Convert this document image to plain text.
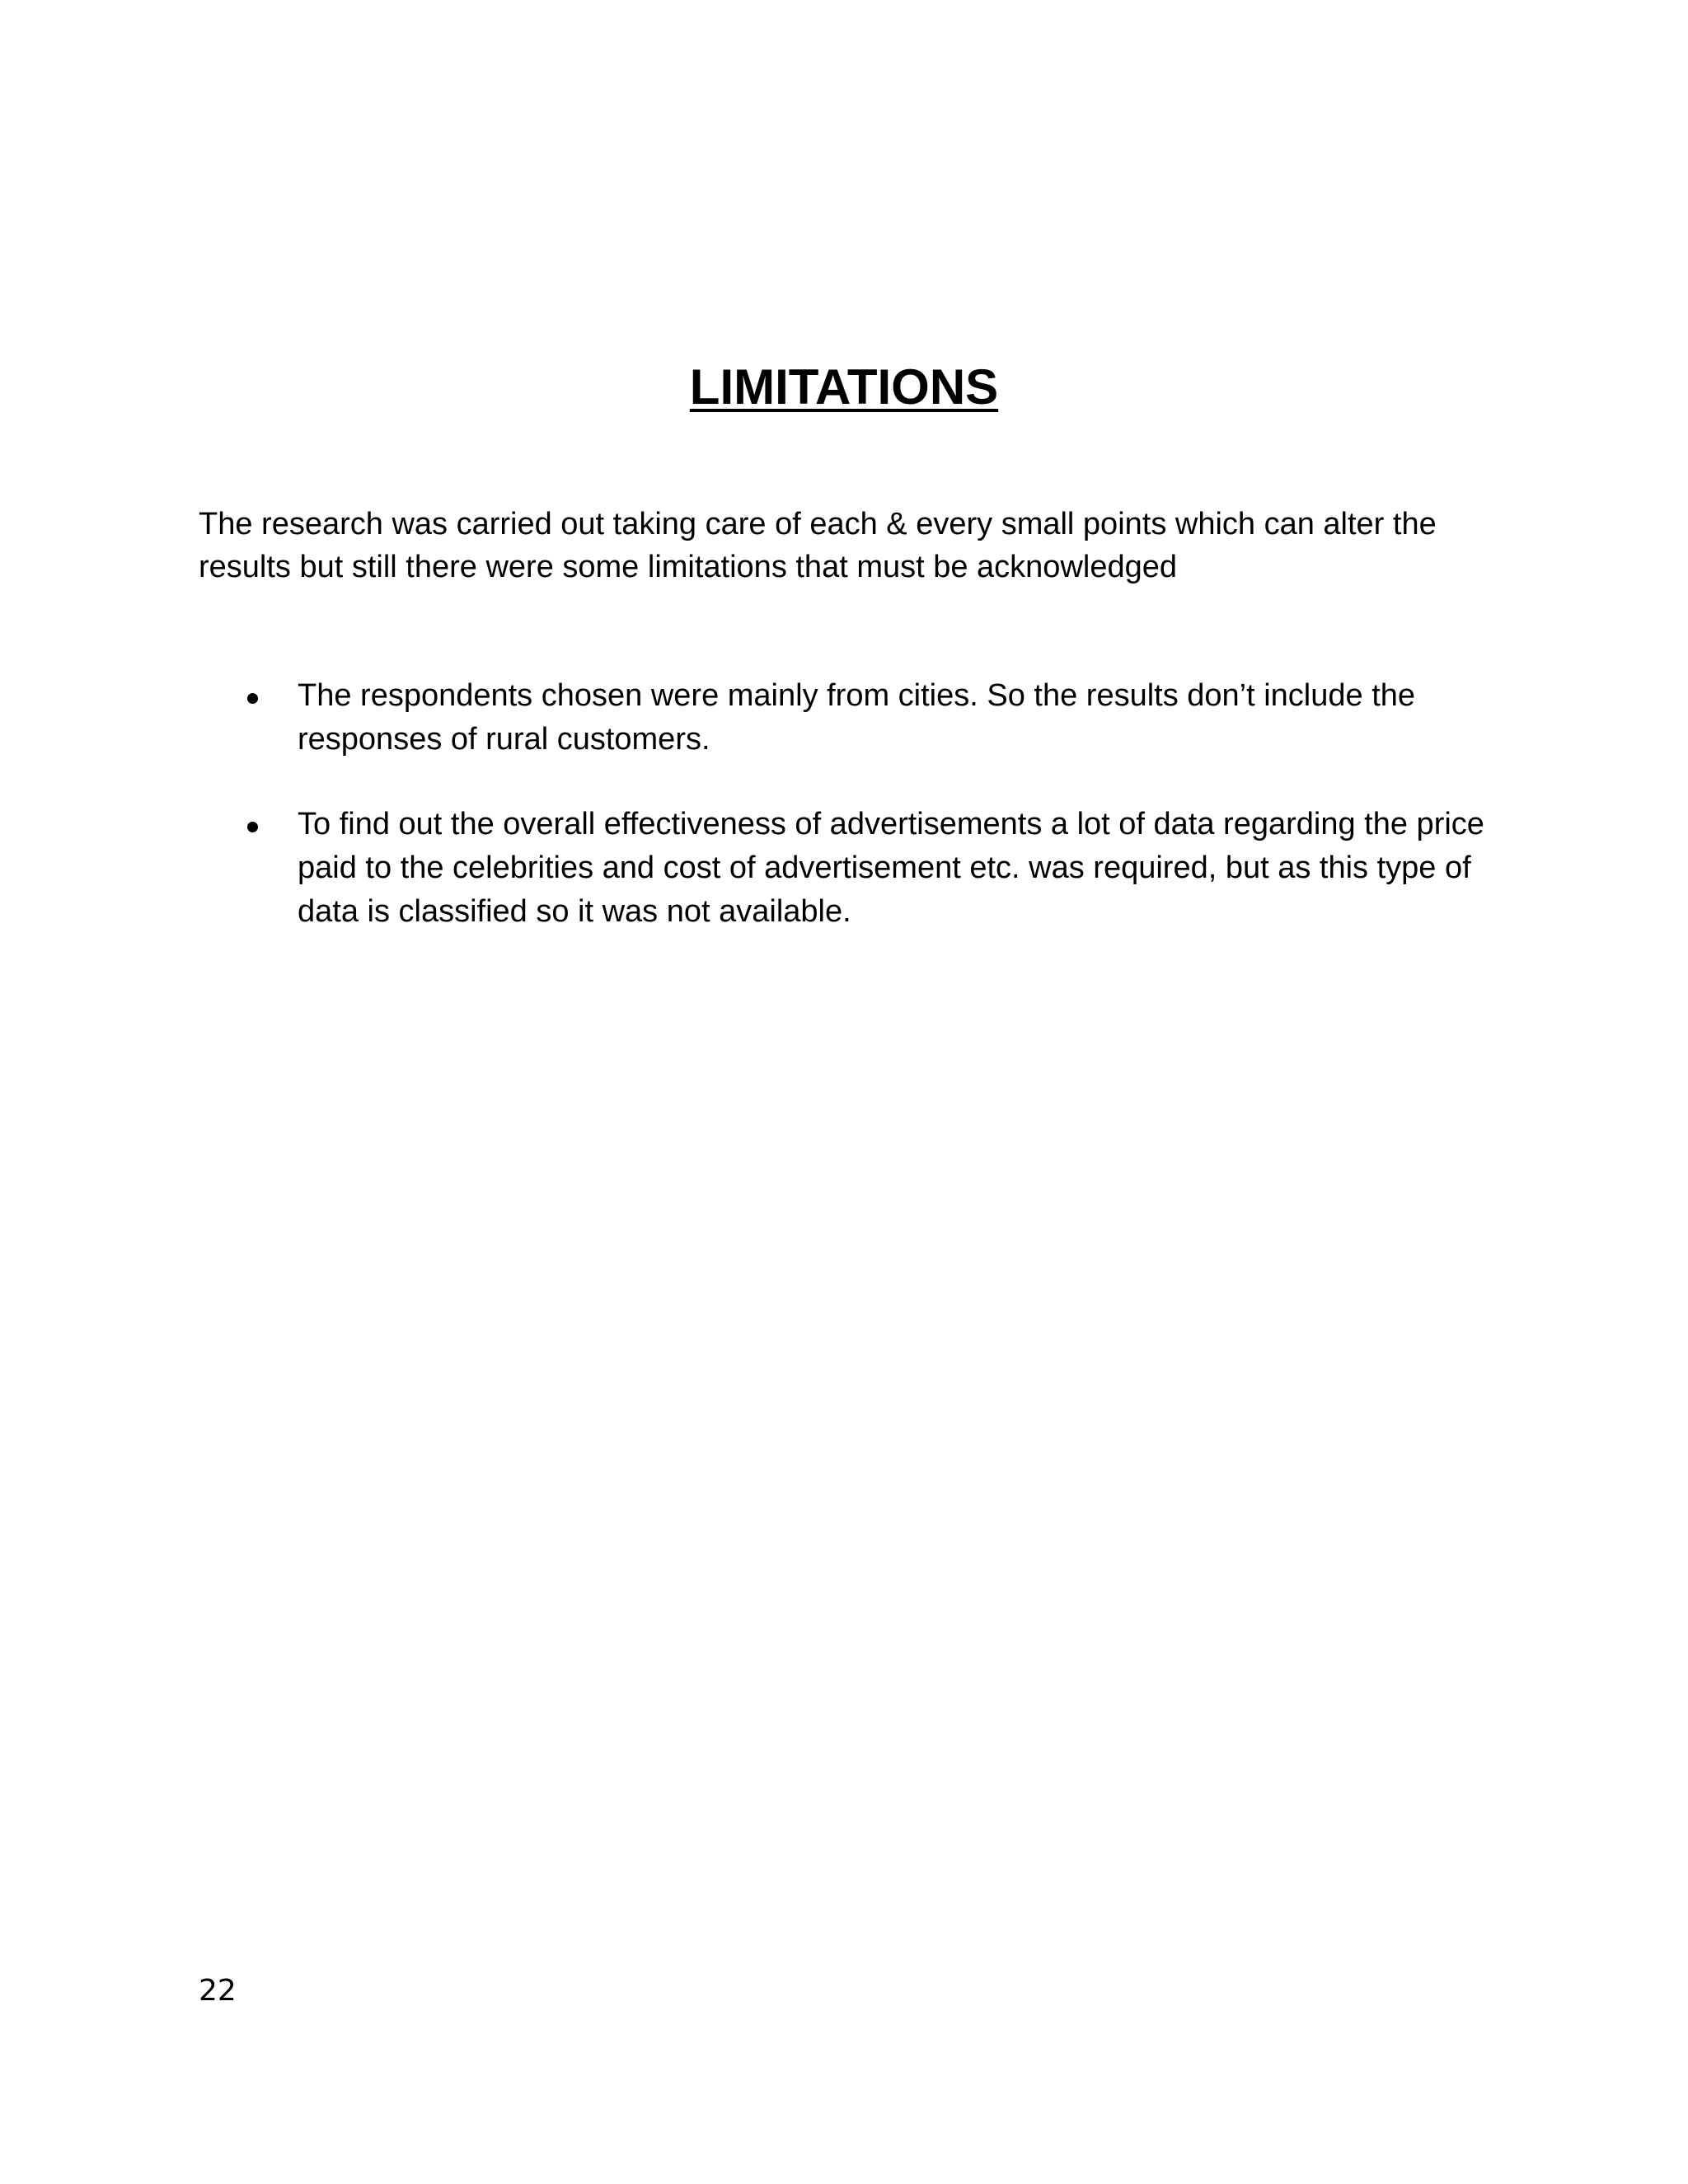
LIMITATIONS

The research was carried out taking care of each & every small points which can alter the results but still there were some limitations that must be acknowledged

The respondents chosen were mainly from cities. So the results don’t include the responses of rural customers.
To find out the overall effectiveness of advertisements a lot of data regarding the price paid to the celebrities and cost of advertisement etc. was required, but as this type of data is classified so it was not available.
22
